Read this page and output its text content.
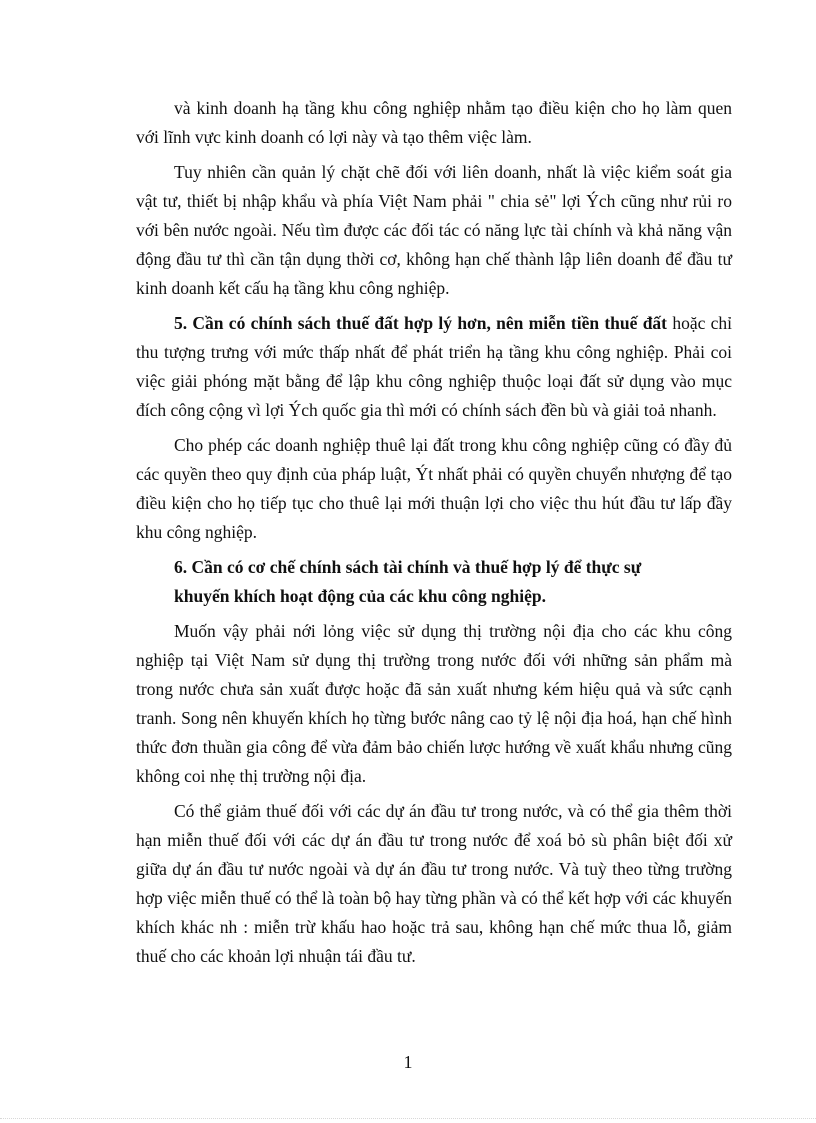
và kinh doanh hạ tầng khu công nghiệp nhằm tạo điều kiện cho họ làm quen với lĩnh vực kinh doanh có lợi này và tạo thêm việc làm.

Tuy nhiên cần quản lý chặt chẽ đối với liên doanh, nhất là việc kiểm soát gia vật tư, thiết bị nhập khẩu và phía Việt Nam phải " chia sẻ" lợi Ých cũng như rủi ro với bên nước ngoài. Nếu tìm được các đối tác có năng lực tài chính và khả năng vận động đầu tư thì cần tận dụng thời cơ, không hạn chế thành lập liên doanh để đầu tư kinh doanh kết cấu hạ tầng khu công nghiệp.

5. Cần có chính sách thuế đất hợp lý hơn, nên miễn tiền thuế đất hoặc chỉ thu tượng trưng với mức thấp nhất để phát triển hạ tầng khu công nghiệp. Phải coi việc giải phóng mặt bằng để lập khu công nghiệp thuộc loại đất sử dụng vào mục đích công cộng vì lợi Ých quốc gia thì mới có chính sách đền bù và giải toả nhanh.

Cho phép các doanh nghiệp thuê lại đất trong khu công nghiệp cũng có đầy đủ các quyền theo quy định của pháp luật, Ýt nhất phải có quyền chuyển nhượng để tạo điều kiện cho họ tiếp tục cho thuê lại mới thuận lợi cho việc thu hút đầu tư lấp đầy khu công nghiệp.

6. Cần có cơ chế chính sách tài chính và thuế hợp lý để thực sự
khuyến khích hoạt động của các khu công nghiệp.

Muốn vậy phải nới lỏng việc sử dụng thị trường nội địa cho các khu công nghiệp tại Việt Nam sử dụng thị trường trong nước đối với những sản phẩm mà trong nước chưa sản xuất được hoặc đã sản xuất nhưng kém hiệu quả và sức cạnh tranh. Song nên khuyến khích họ từng bước nâng cao tỷ lệ nội địa hoá, hạn chế hình thức đơn thuần gia công để vừa đảm bảo chiến lược hướng về xuất khẩu nhưng cũng không coi nhẹ thị trường nội địa.

Có thể giảm thuế đối với các dự án đầu tư trong nước, và có thể gia thêm thời hạn miễn thuế đối với các dự án đầu tư trong nước để xoá bỏ sù phân biệt đối xử giữa dự án đầu tư nước ngoài và dự án đầu tư trong nước. Và tuỳ theo từng trường hợp việc miễn thuế có thể là toàn bộ hay từng phần và có thể kết hợp với các khuyến khích khác nh : miễn trừ khấu hao hoặc trả sau, không hạn chế mức thua lỗ, giảm thuế cho các khoản lợi nhuận tái đầu tư.

1
